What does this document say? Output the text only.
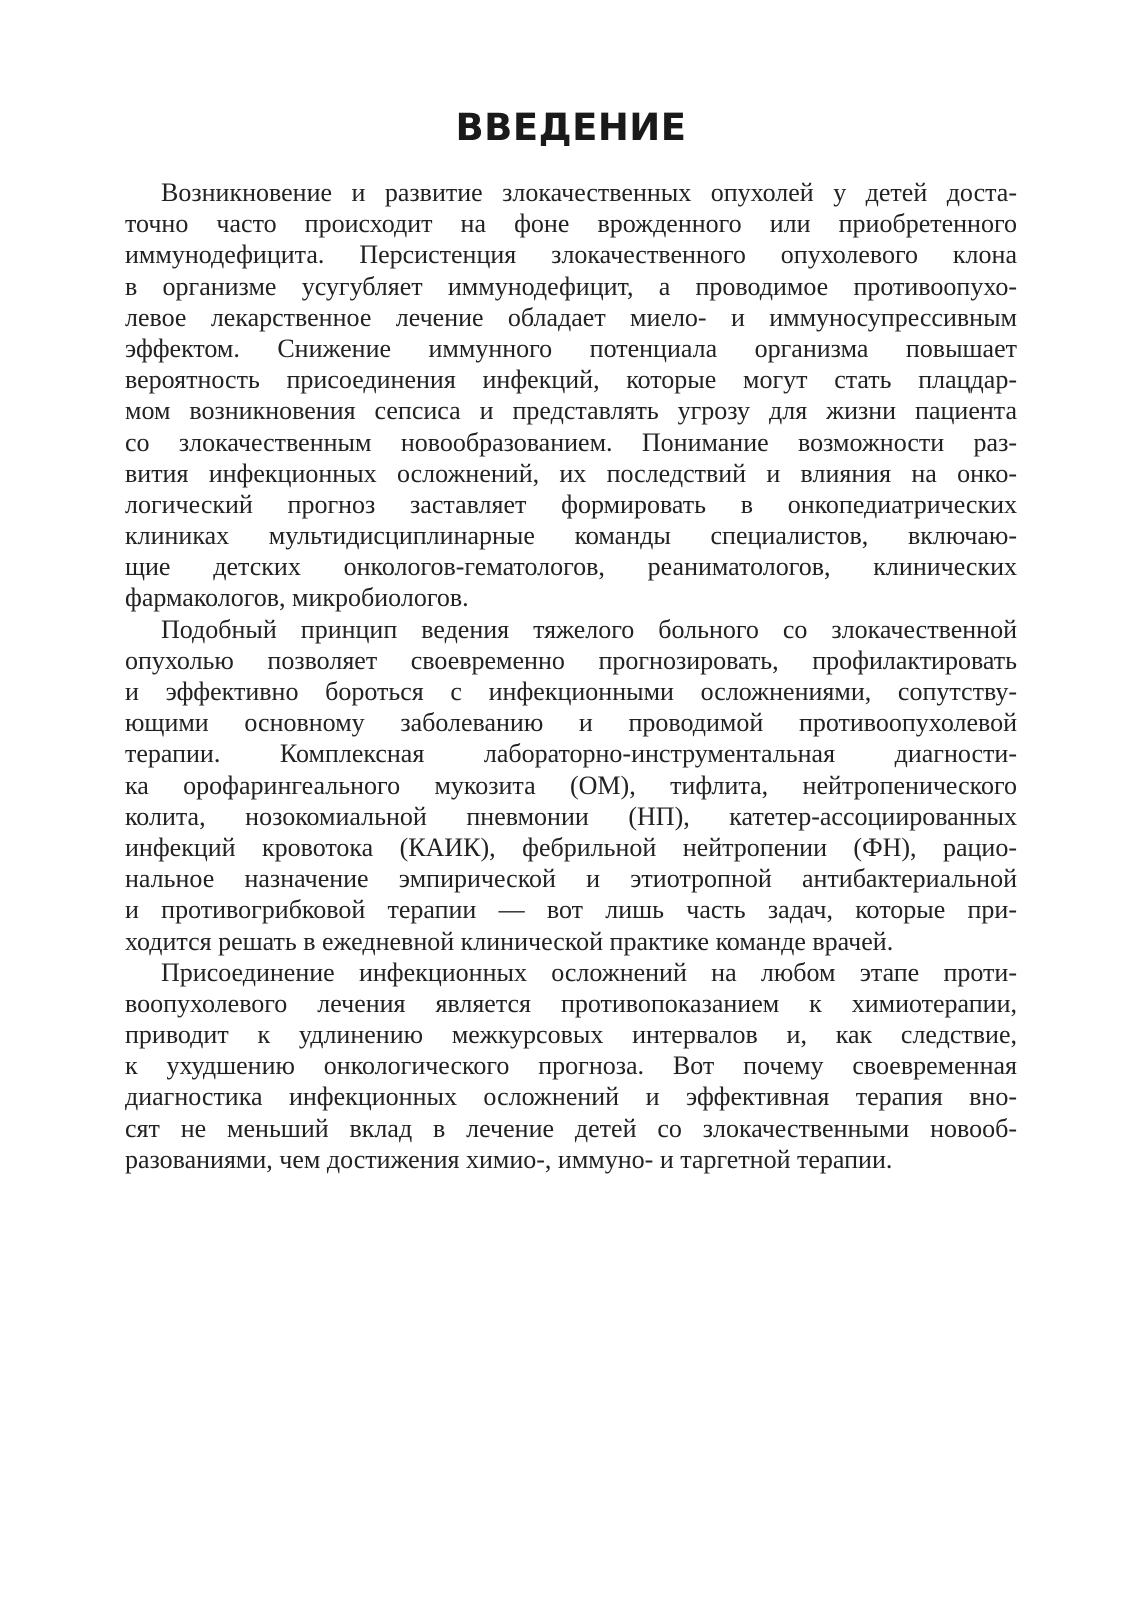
ВВЕДЕНИЕ
Возникновение и развитие злокачественных опухолей у детей доста-
точно часто происходит на фоне врожденного или приобретенного
иммунодефицита. Персистенция злокачественного опухолевого клона
в организме усугубляет иммунодефицит, а проводимое противоопухо-
левое лекарственное лечение обладает миело- и иммуносупрессивным
эффектом. Снижение иммунного потенциала организма повышает
вероятность присоединения инфекций, которые могут стать плацдар-
мом возникновения сепсиса и представлять угрозу для жизни пациента
со злокачественным новообразованием. Понимание возможности раз-
вития инфекционных осложнений, их последствий и влияния на онко-
логический прогноз заставляет формировать в онкопедиатрических
клиниках мультидисциплинарные команды специалистов, включаю-
щие детских онкологов-гематологов, реаниматологов, клинических
фармакологов, микробиологов.
Подобный принцип ведения тяжелого больного со злокачественной
опухолью позволяет своевременно прогнозировать, профилактировать
и эффективно бороться с инфекционными осложнениями, сопутству-
ющими основному заболеванию и проводимой противоопухолевой
терапии. Комплексная лабораторно-инструментальная диагности-
ка орофарингеального мукозита (ОМ), тифлита, нейтропенического
колита, нозокомиальной пневмонии (НП), катетер-ассоциированных
инфекций кровотока (КАИК), фебрильной нейтропении (ФН), рацио-
нальное назначение эмпирической и этиотропной антибактериальной
и противогрибковой терапии — вот лишь часть задач, которые при-
ходится решать в ежедневной клинической практике команде врачей.
Присоединение инфекционных осложнений на любом этапе проти-
воопухолевого лечения является противопоказанием к химиотерапии,
приводит к удлинению межкурсовых интервалов и, как следствие,
к ухудшению онкологического прогноза. Вот почему своевременная
диагностика инфекционных осложнений и эффективная терапия вно-
сят не меньший вклад в лечение детей со злокачественными новооб-
разованиями, чем достижения химио-, иммуно- и таргетной терапии.
